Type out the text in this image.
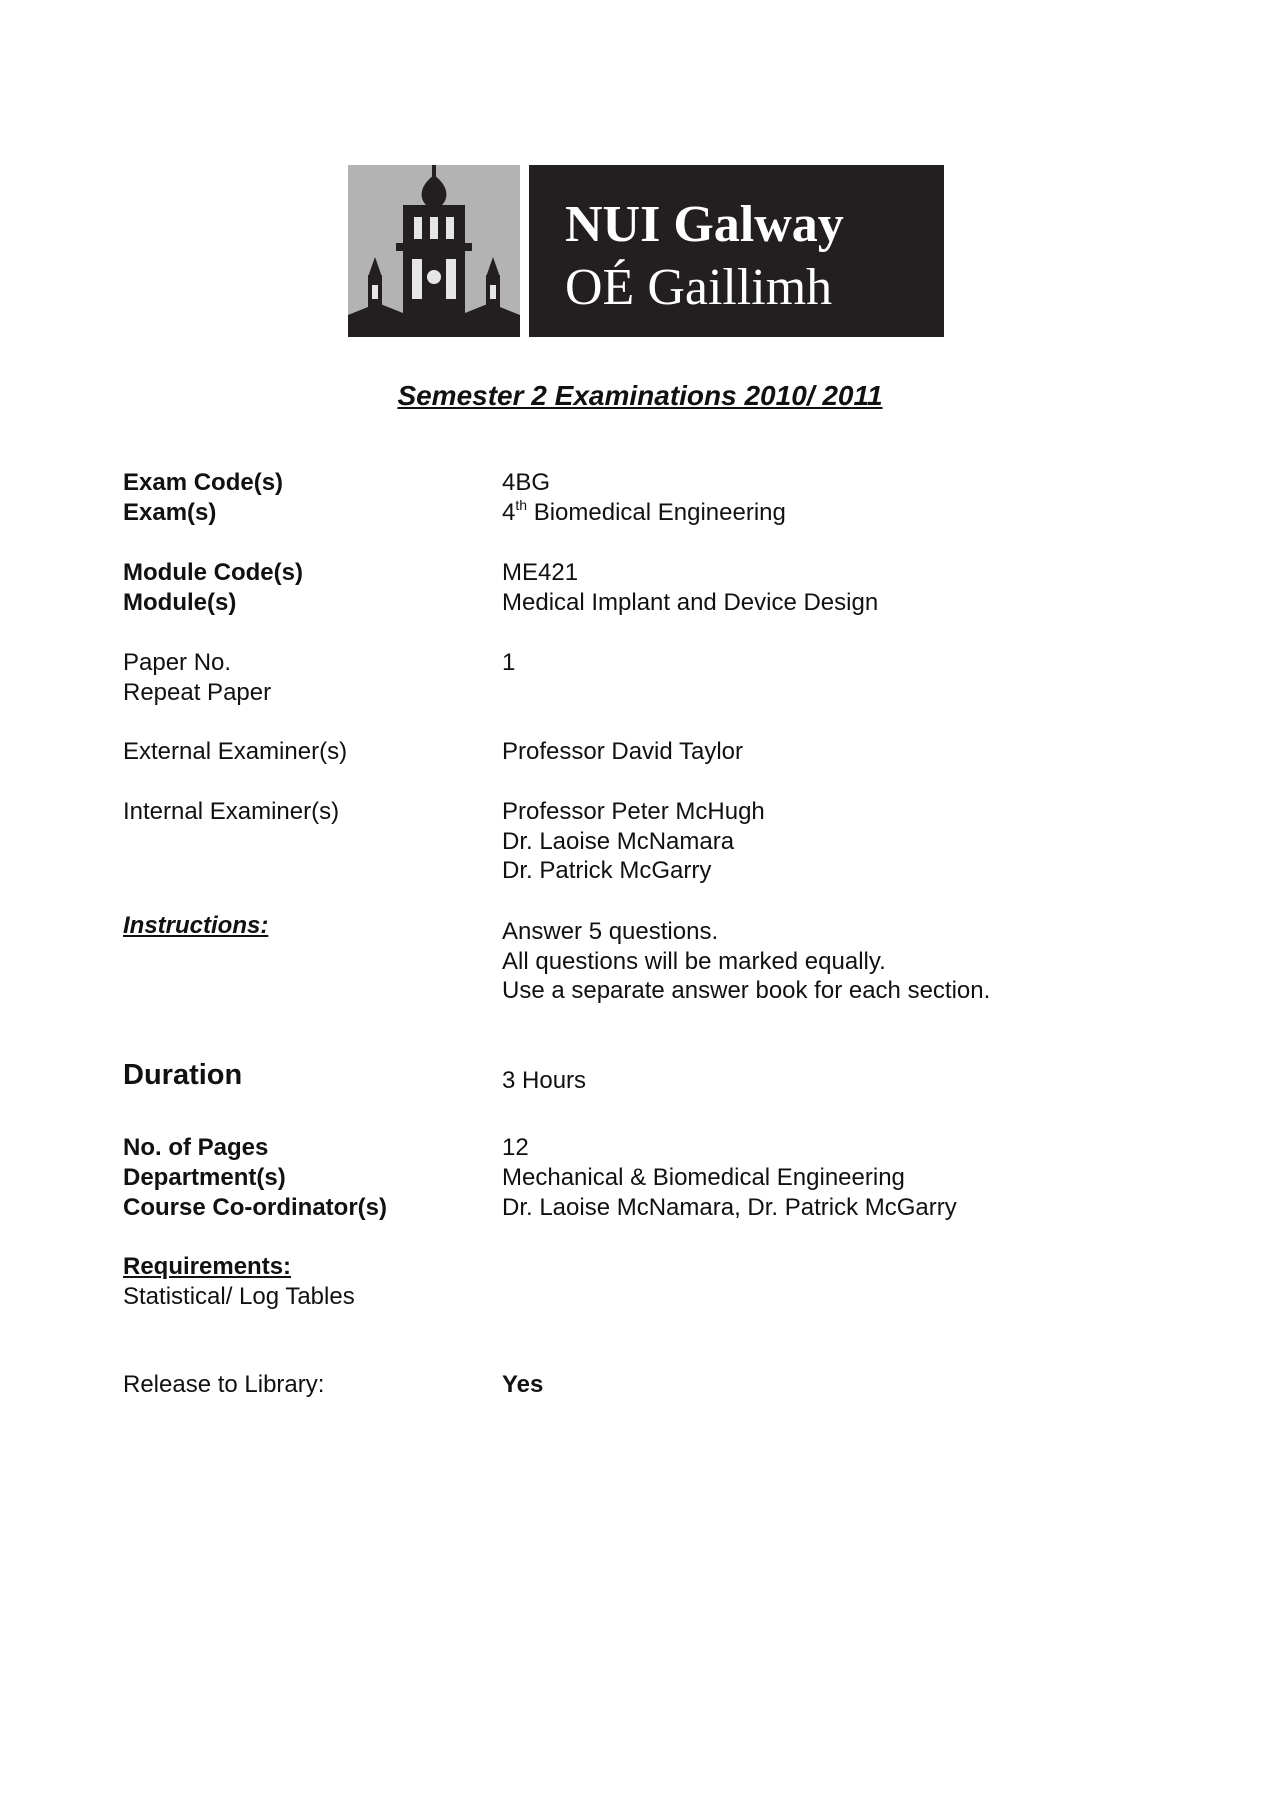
NUI Galway
OÉ Gaillimh
Semester 2 Examinations 2010/ 2011
Exam Code(s)	4BG
Exam(s)	4th Biomedical Engineering
Module Code(s)	ME421
Module(s)	Medical Implant and Device Design
Paper No.	1
Repeat Paper
External Examiner(s)	Professor David Taylor
Internal Examiner(s)	Professor Peter McHugh
Dr. Laoise McNamara
Dr. Patrick McGarry
Instructions:	Answer 5 questions.
All questions will be marked equally.
Use a separate answer book for each section.
Duration	3 Hours
No. of Pages	12
Department(s)	Mechanical & Biomedical Engineering
Course Co-ordinator(s)	Dr. Laoise McNamara, Dr. Patrick McGarry
Requirements:
Statistical/ Log Tables
Release to Library:	Yes
